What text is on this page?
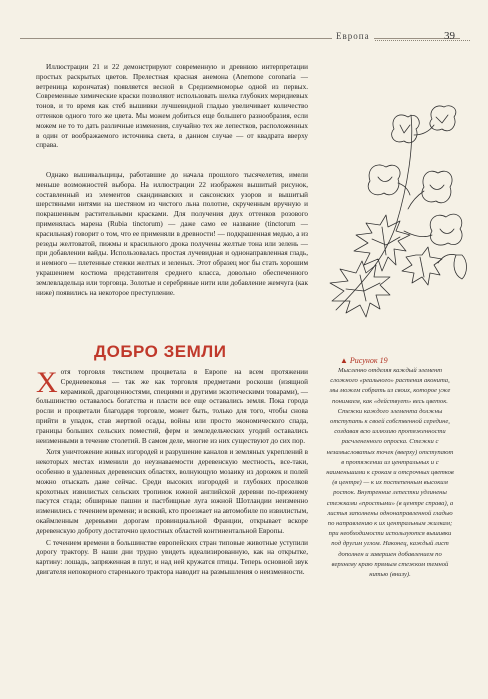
Европа	39

Иллюстрации 21 и 22 демонстрируют современную и древнюю интерпретации простых раскрытых цветов. Прелестная красная анемона (Anemone coronaria — ветреница корончатая) появляется весной в Средиземноморье одной из первых. Современные химические краски позволяют использовать шелка глубоких меридиевых тонов, и то время как стеб вышивки лучшевидной гладью увеличивает количество оттенков одного того же цвета. Мы можем добиться еще большего разнообразия, если можем не то то дать различные изменения, случайно тех же лепестков, расположенных в один от воображаемого источника света, в данном случае — от квадрата вверху справа.

Однако вышивальщицы, работавшие до начала прошлого тысячелетия, имели меньше возможностей выбора. На иллюстрации 22 изображен вышитый рисунок, составленный из элементов скандинавских и саксонских узоров и вышитый шерстяными нитями на шестяном из чистого льна полотне, скрученным вручную и покрашенным растительными красками. Для получения двух оттенков розового применялась марена (Rubia tinctorum) — даже само ее название (tinctorum — красильная) говорит о том, что ее применяли в древности! — подкрашенная медью, а из резеды желтоватой, пижмы и красильного дрока получены желтые тона или зелень — при добавлении вайды. Использовалась простая лучевидная и однонаправленная гладь, и немного — плетенные стежки желтых и зеленых. Этот образец мог бы стать хорошим украшением костюма представителя среднего класса, довольно обеспеченного землевладельца или торговца. Золотые и серебряные нити или добавление жемчуга (как ниже) появились на некоторое преступление.

ДОБРО ЗЕМЛИ

Хотя торговля текстилем процветала в Европе на всем протяжении Средневековья — так же как торговля предметами роскоши (изящной керамикой, драгоценностями, специями и другими экзотическими товарами), — большинство оставалось богатства и пласти все еще оставались земля. Пока города росли и процветали благодаря торговле, может быть, только для того, чтобы снова прийти в упадок, став жертвой осады, войны или просто экономического спада, границы больших сельских поместий, ферм и земледельческих угодий оставались неизменными в течение столетий. В самом деле, многие из них существуют до сих пор.

Хотя уничтожение живых изгородей и разрушение каналов и земляных укреплений в некоторых местах изменили до неузнаваемости деревенскую местность, все-таки, особенно в удаленных деревенских областях, волнующую мозаику из дорожек и полей можно отыскать даже сейчас. Среди высоких изгородей и глубоких проселков крохотных извилистых сельских тропинок южной английской деревни по-прежнему пасутся стада; обширные пашни и пастбищные луга южной Шотландии неизменно изменились с течением времени; и всякий, кто проезжает на автомобиле по извилистым, окаймленным деревьями дорогам провинциальной Франции, открывает вскоре деревенскую доброту достаточно целостных областей континентальной Европы.

С течением времени в большинстве европейских стран типовые животные уступили дорогу трактору. В наши дни трудно увидеть идеализированную, как на открытке, картину: лошадь, запряженная в плуг, и над ней кружатся птицы. Теперь основной звук двигателя непокорного старенького трактора наводит на размышления о неизменности.

▲ Рисунок 19
Мысленно отделяя каждый элемент сложного «реального» растения аконита, мы можем собрать из своих, которое уже понимаем, как «действует» весь цветок. Стежки каждого элемента должны отступать к своей собственной середине, создавая всю иллюзию протяженности расчлененного опроска. Стежки с незамысловатых точек (вверху) отступают в протяжении из центральных и с наименьшими к срокам и отсрочных цветков (в центре) — к их постепенным высоким росток. Внутренние лепестки удлинены стежками «простыми» (в центре справа), а листья заполнены однонаправленной гладью по направлению к их центральным жилкам; при необходимости используются вышивки под другим углом. Наконец, каждый лист дополнен и завершен добавлением по верхнему краю прямым стежком темной нитью (внизу).
